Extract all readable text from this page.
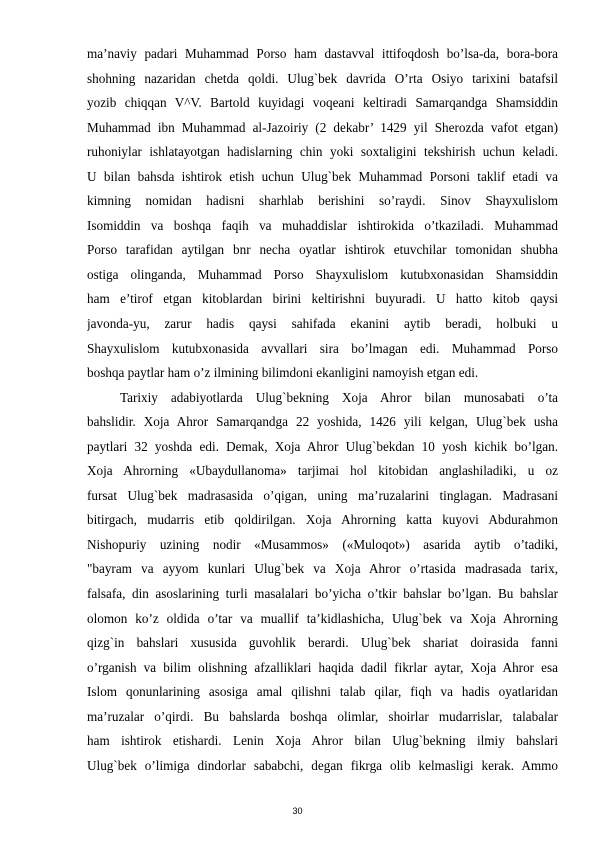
ma’naviy padari Muhammad Porso ham dastavval ittifoqdosh bo’lsa-da, bora-bora
shohning nazaridan chetda qoldi. Ulug`bek davrida O’rta Osiyo tarixini batafsil
yozib chiqqan V^V. Bartold kuyidagi voqeani keltiradi Samarqandga Shamsiddin
Muhammad ibn Muhammad al-Jazoiriy (2 dekabr’ 1429 yil Sherozda vafot etgan)
ruhoniylar ishlatayotgan hadislarning chin yoki soxtaligini tekshirish uchun keladi.
U bilan bahsda ishtirok etish uchun Ulug`bek Muhammad Porsoni taklif etadi va
kimning nomidan hadisni sharhlab berishini so’raydi. Sinov Shayxulislom
Isomiddin va boshqa faqih va muhaddislar ishtirokida o’tkaziladi. Muhammad
Porso tarafidan aytilgan bnr necha oyatlar ishtirok etuvchilar tomonidan shubha
ostiga olinganda, Muhammad Porso Shayxulislom kutubxonasidan Shamsiddin
ham e’tirof etgan kitoblardan birini keltirishni buyuradi. U hatto kitob qaysi
javonda-yu, zarur hadis qaysi sahifada ekanini aytib beradi, holbuki u
Shayxulislom kutubxonasida avvallari sira bo’lmagan edi. Muhammad Porso
boshqa paytlar ham o’z ilmining bilimdoni ekanligini namoyish etgan edi.
Tarixiy adabiyotlarda Ulug`bekning Xoja Ahror bilan munosabati o’ta
bahslidir. Xoja Ahror Samarqandga 22 yoshida, 1426 yili kelgan, Ulug`bek usha
paytlari 32 yoshda edi. Demak, Xoja Ahror Ulug`bekdan 10 yosh kichik bo’lgan.
Xoja Ahrorning «Ubaydullanoma» tarjimai hol kitobidan anglashiladiki, u oz
fursat Ulug`bek madrasasida o’qigan, uning ma’ruzalarini tinglagan. Madrasani
bitirgach, mudarris etib qoldirilgan. Xoja Ahrorning katta kuyovi Abdurahmon
Nishopuriy uzining nodir «Musammos» («Muloqot») asarida aytib o’tadiki,
"bayram va ayyom kunlari Ulug`bek va Xoja Ahror o’rtasida madrasada tarix,
falsafa, din asoslarining turli masalalari bo’yicha o’tkir bahslar bo’lgan. Bu bahslar
olomon ko’z oldida o’tar va muallif ta’kidlashicha, Ulug`bek va Xoja Ahrorning
qizg`in bahslari xususida guvohlik berardi. Ulug`bek shariat doirasida fanni
o’rganish va bilim olishning afzalliklari haqida dadil fikrlar aytar, Xoja Ahror esa
Islom qonunlarining asosiga amal qilishni talab qilar, fiqh va hadis oyatlaridan
ma’ruzalar o’qirdi. Bu bahslarda boshqa olimlar, shoirlar mudarrislar, talabalar
ham ishtirok etishardi. Lenin Xoja Ahror bilan Ulug`bekning ilmiy bahslari
Ulug`bek o’limiga dindorlar sababchi, degan fikrga olib kelmasligi kerak. Ammo
30
